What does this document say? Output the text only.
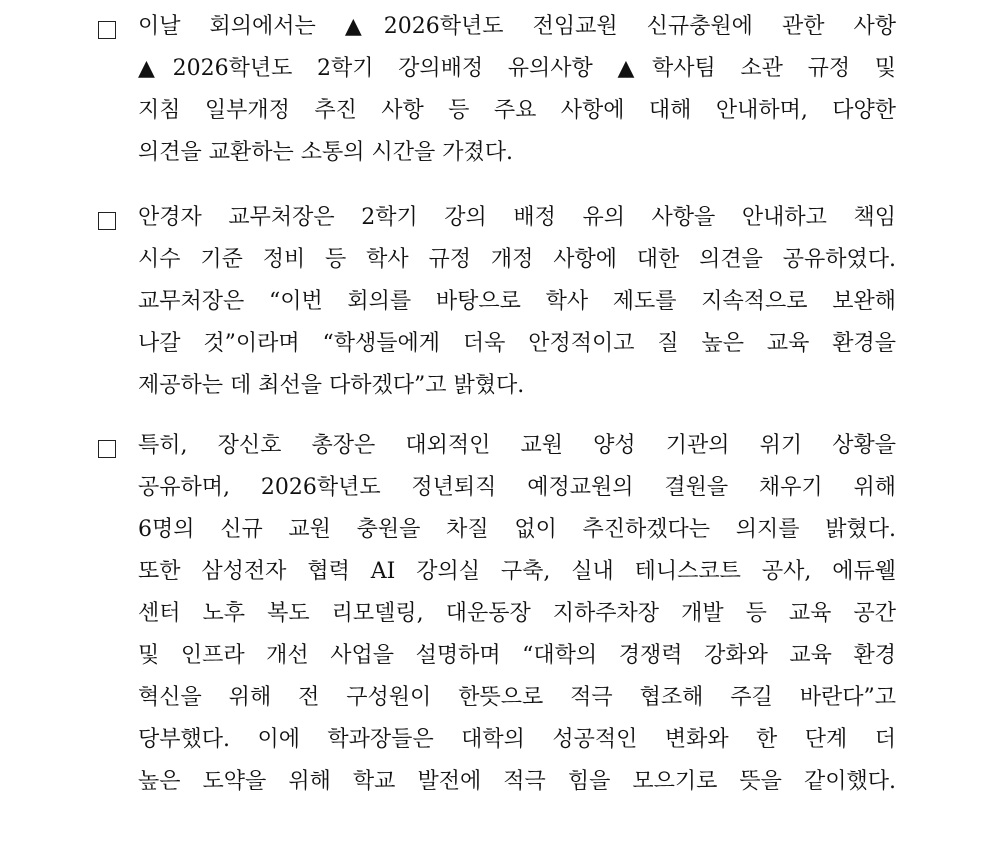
이날 회의에서는 ▲2026학년도 전임교원 신규충원에 관한 사항
▲2026학년도 2학기 강의배정 유의사항 ▲학사팀 소관 규정 및
지침 일부개정 추진 사항 등 주요 사항에 대해 안내하며, 다양한
의견을 교환하는 소통의 시간을 가졌다.
안경자 교무처장은 2학기 강의 배정 유의 사항을 안내하고 책임
시수 기준 정비 등 학사 규정 개정 사항에 대한 의견을 공유하였다.
교무처장은 “이번 회의를 바탕으로 학사 제도를 지속적으로 보완해
나갈 것”이라며 “학생들에게 더욱 안정적이고 질 높은 교육 환경을
제공하는 데 최선을 다하겠다”고 밝혔다.
특히, 장신호 총장은 대외적인 교원 양성 기관의 위기 상황을
공유하며, 2026학년도 정년퇴직 예정교원의 결원을 채우기 위해
6명의 신규 교원 충원을 차질 없이 추진하겠다는 의지를 밝혔다.
또한 삼성전자 협력 AI 강의실 구축, 실내 테니스코트 공사, 에듀웰
센터 노후 복도 리모델링, 대운동장 지하주차장 개발 등 교육 공간
및 인프라 개선 사업을 설명하며 “대학의 경쟁력 강화와 교육 환경
혁신을 위해 전 구성원이 한뜻으로 적극 협조해 주길 바란다”고
당부했다. 이에 학과장들은 대학의 성공적인 변화와 한 단계 더
높은 도약을 위해 학교 발전에 적극 힘을 모으기로 뜻을 같이했다.
